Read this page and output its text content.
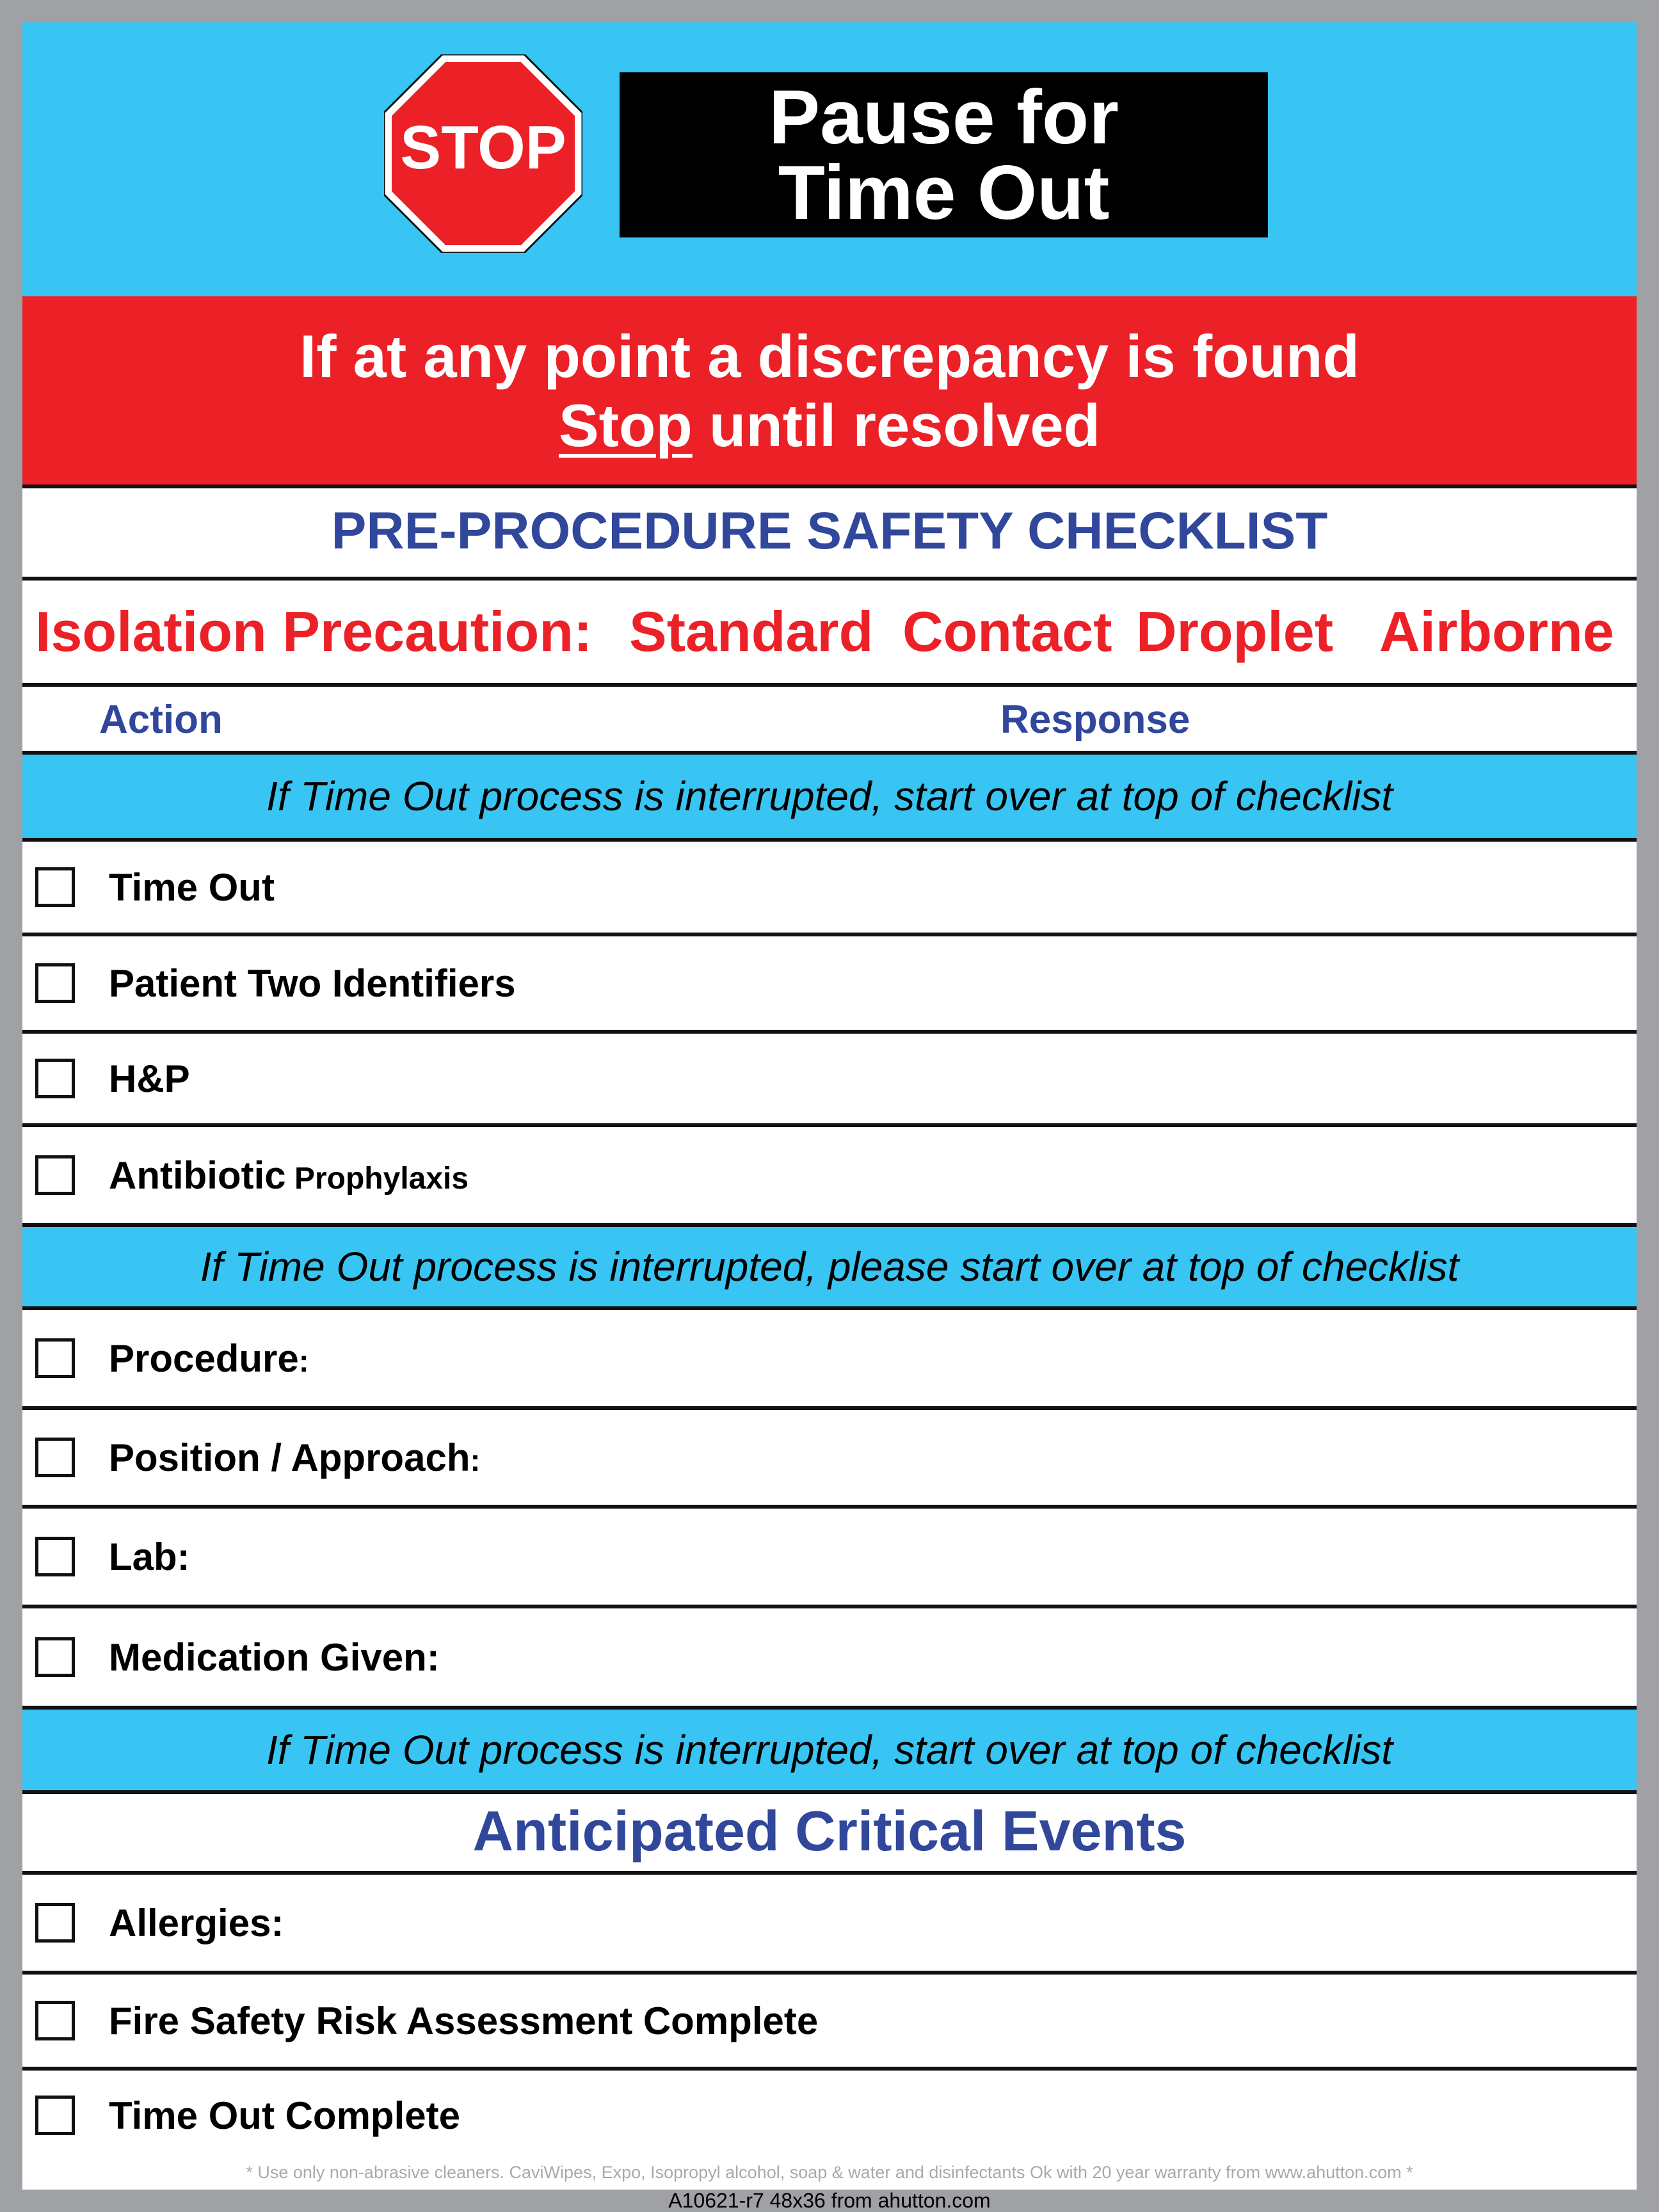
STOP	Pause for
Time Out
If at any point a discrepancy is found
Stop until resolved
PRE-PROCEDURE SAFETY CHECKLIST
Isolation Precaution: Standard Contact Droplet Airborne
Action	Response
If Time Out process is interrupted, start over at top of checklist
Time Out
Patient Two Identifiers
H&P
Antibiotic Prophylaxis
If Time Out process is interrupted, please start over at top of checklist
Procedure:
Position / Approach:
Lab:
Medication Given:
If Time Out process is interrupted, start over at top of checklist
Anticipated Critical Events
Allergies:
Fire Safety Risk Assessment Complete
Time Out Complete
* Use only non-abrasive cleaners. CaviWipes, Expo, Isopropyl alcohol, soap & water and disinfectants Ok with 20 year warranty from www.ahutton.com *
A10621-r7 48x36 from ahutton.com
